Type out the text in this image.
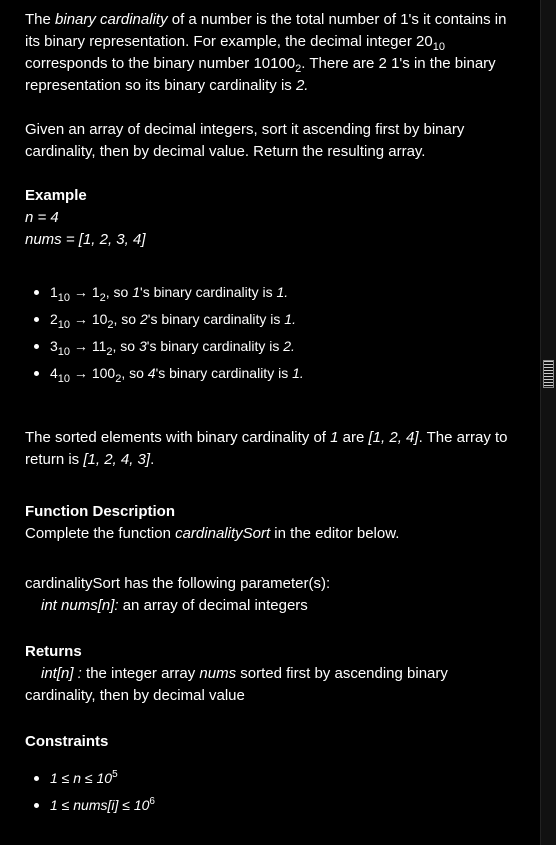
The binary cardinality of a number is the total number of 1's it contains in its binary representation. For example, the decimal integer $20_{10}$ corresponds to the binary number $10100_2$. There are 2 1's in the binary representation so its binary cardinality is 2.

Given an array of decimal integers, sort it ascending first by binary cardinality, then by decimal value. Return the resulting array.

Example

n = 4

nums = [1, 2, 3, 4]

$1_{10} \to 1_2$, so 1's binary cardinality is 1.
$2_{10} \to 10_2$, so 2's binary cardinality is 1.
$3_{10} \to 11_2$, so 3's binary cardinality is 2.
$4_{10} \to 100_2$, so 4's binary cardinality is 1.

The sorted elements with binary cardinality of 1 are [1, 2, 4]. The array to return is [1, 2, 4, 3].

Function Description

Complete the function cardinalitySort in the editor below.

cardinalitySort has the following parameter(s):

int nums[n]: an array of decimal integers

Returns

int[n] : the integer array nums sorted first by ascending binary cardinality, then by decimal value

Constraints

$1 \le n \le 10^5$
1 ≤ nums[i] ≤ $10^6$
